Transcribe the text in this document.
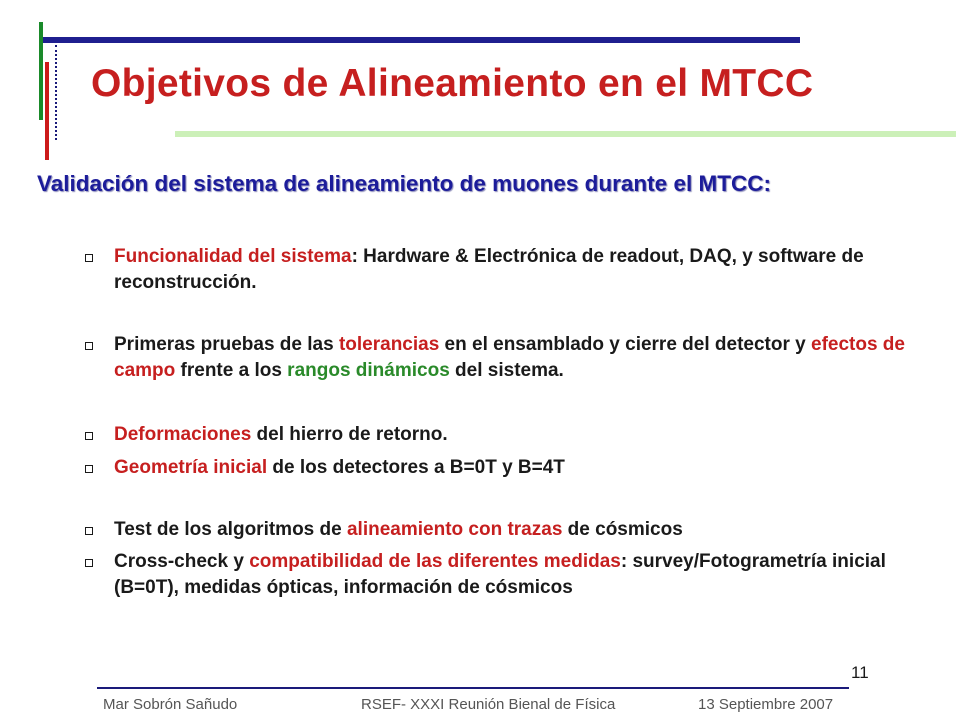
Objetivos de Alineamiento en el MTCC
Validación del sistema de alineamiento de muones durante el MTCC:
Funcionalidad del sistema: Hardware & Electrónica de readout, DAQ, y software de reconstrucción.
Primeras pruebas de las tolerancias en el ensamblado y cierre del detector y efectos de campo frente a los rangos dinámicos del sistema.
Deformaciones del hierro de retorno.
Geometría inicial de los detectores a B=0T y B=4T
Test de los algoritmos de alineamiento con trazas de cósmicos
Cross-check y compatibilidad de las diferentes medidas: survey/Fotogrametría inicial (B=0T), medidas ópticas, información de cósmicos
11
Mar Sobrón Sañudo	RSEF- XXXI Reunión Bienal de Física	13 Septiembre 2007
